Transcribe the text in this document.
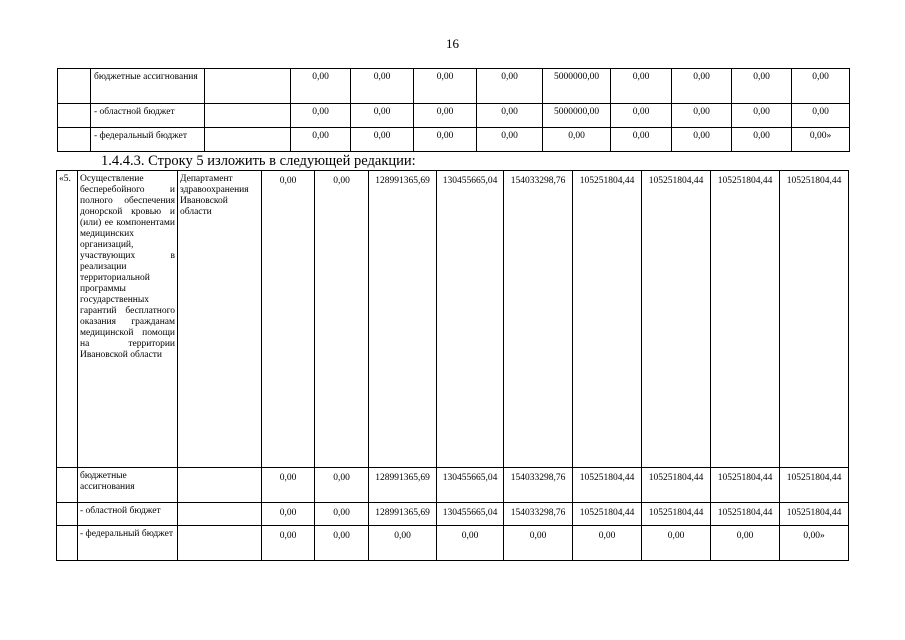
16
	бюджетные ассигнования		0,00	0,00	0,00	0,00	5000000,00	0,00	0,00	0,00	0,00
	- областной бюджет		0,00	0,00	0,00	0,00	5000000,00	0,00	0,00	0,00	0,00
	- федеральный бюджет		0,00	0,00	0,00	0,00	0,00	0,00	0,00	0,00	0,00»
1.4.4.3. Строку 5 изложить в следующей редакции:
«5.	Осуществление бесперебойного и полного обеспечения донорской кровью и (или) ее компонентами медицинских организаций, участвующих в реализации территориальной программы государственных гарантий бесплатного оказания гражданам медицинской помощи на территории Ивановской области	Департамент здравоохранения Ивановской области	0,00	0,00	128991365,69	130455665,04	154033298,76	105251804,44	105251804,44	105251804,44	105251804,44
	бюджетные ассигнования		0,00	0,00	128991365,69	130455665,04	154033298,76	105251804,44	105251804,44	105251804,44	105251804,44
	- областной бюджет		0,00	0,00	128991365,69	130455665,04	154033298,76	105251804,44	105251804,44	105251804,44	105251804,44
	- федеральный бюджет		0,00	0,00	0,00	0,00	0,00	0,00	0,00	0,00	0,00»
